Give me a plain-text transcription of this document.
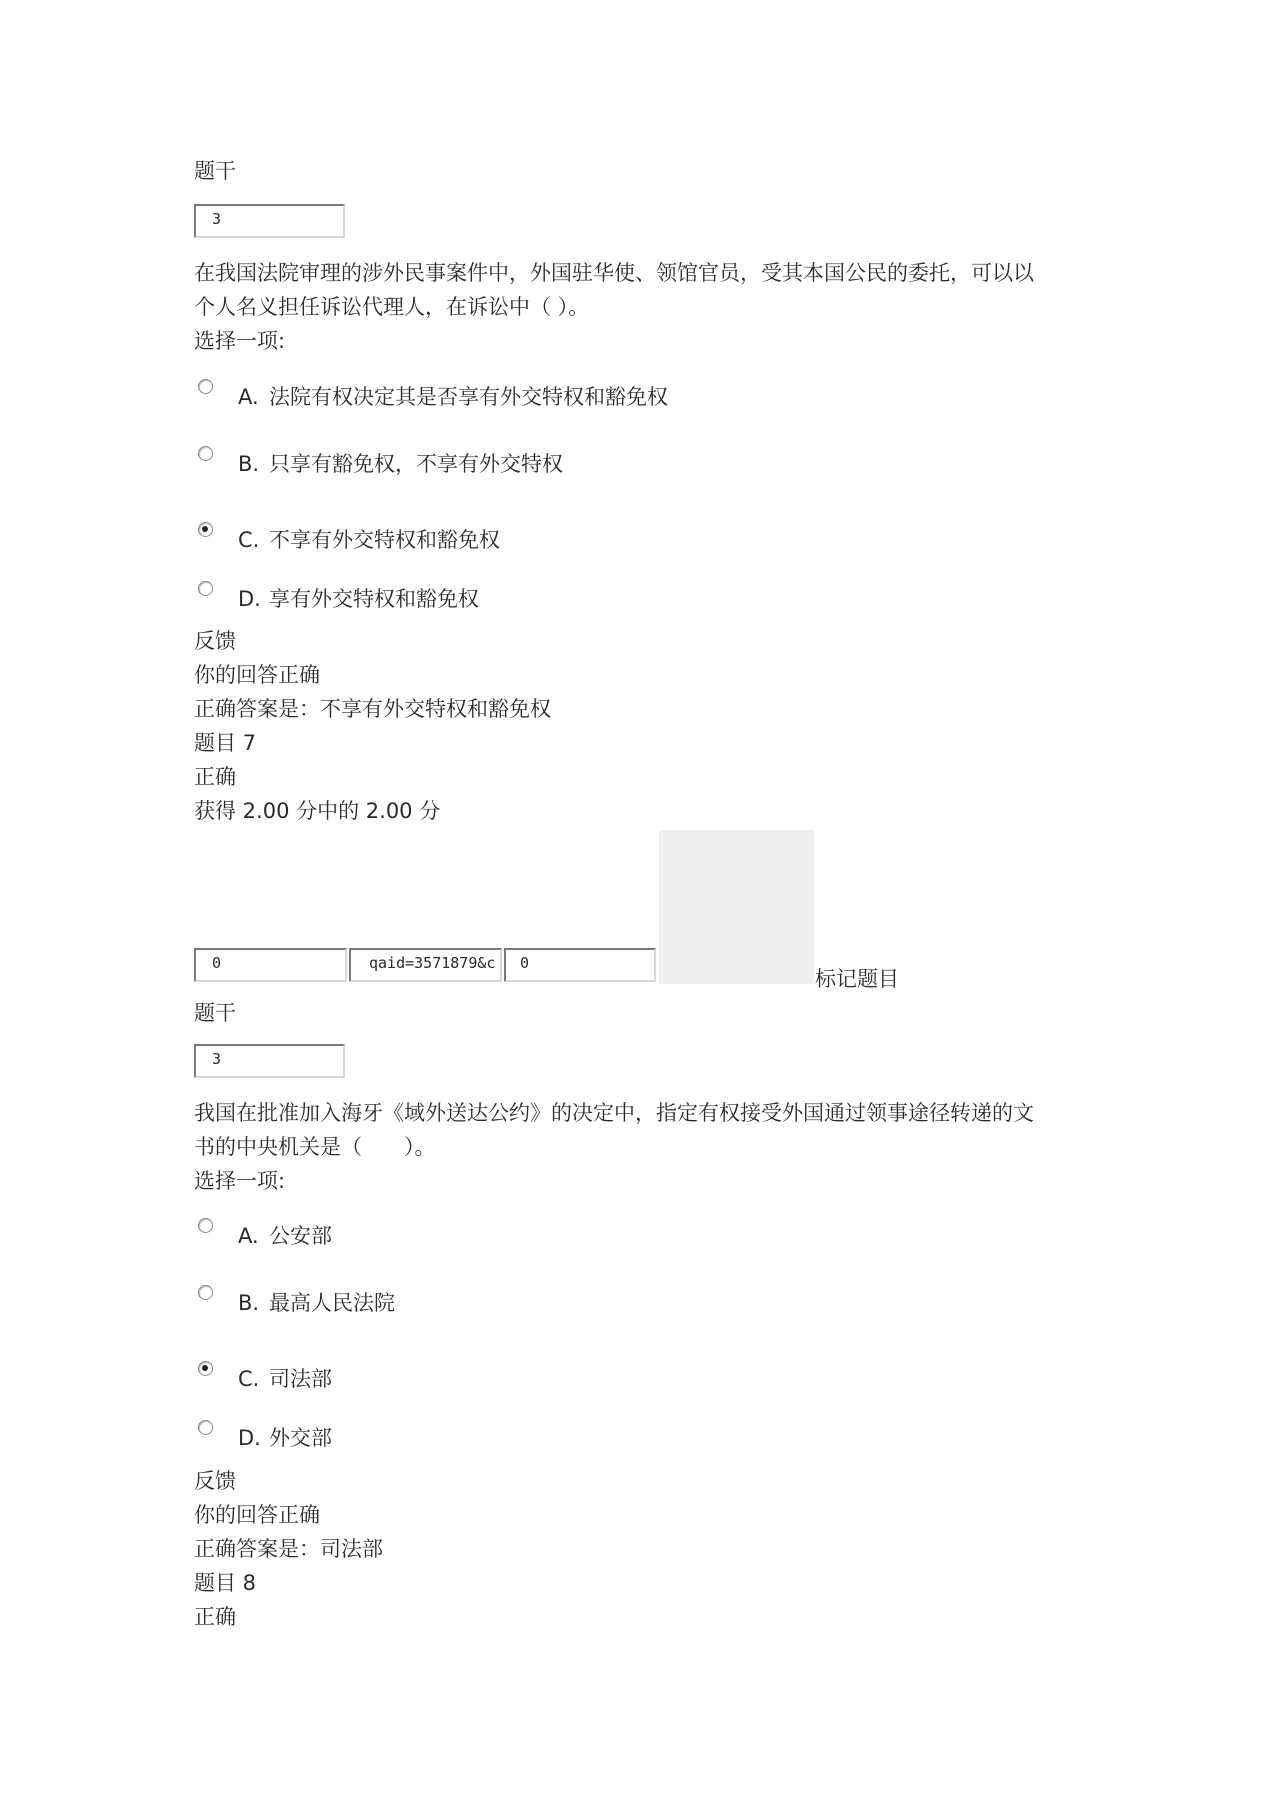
题干
3
在我国法院审理的涉外民事案件中，外国驻华使、领馆官员，受其本国公民的委托，可以以
个人名义担任诉讼代理人，在诉讼中（ ）。
选择一项:
A. 法院有权决定其是否享有外交特权和豁免权
B. 只享有豁免权，不享有外交特权
C. 不享有外交特权和豁免权
D. 享有外交特权和豁免权
反馈
你的回答正确
正确答案是：不享有外交特权和豁免权
题目 7
正确
获得 2.00 分中的 2.00 分
0	qaid=3571879&c	0
标记题目
题干
3
我国在批准加入海牙《域外送达公约》的决定中，指定有权接受外国通过领事途径转递的文
书的中央机关是（　　）。
选择一项:
A. 公安部
B. 最高人民法院
C. 司法部
D. 外交部
反馈
你的回答正确
正确答案是：司法部
题目 8
正确
